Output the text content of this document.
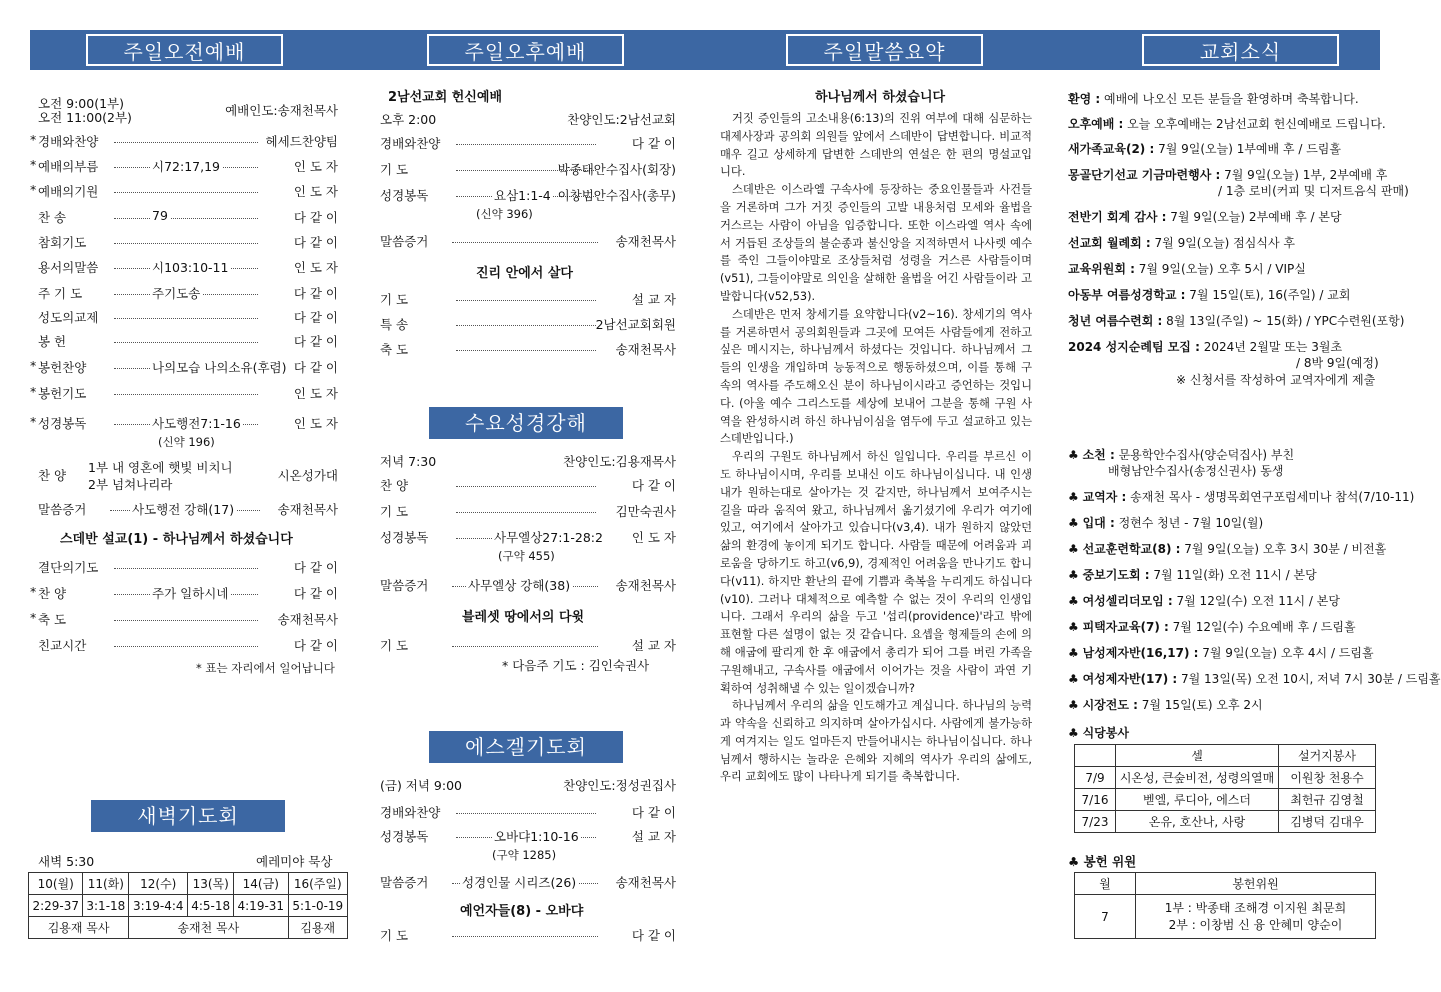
주일오전예배	주일오후예배	주일말씀요약	교회소식
오전 9:00(1부)
오전 11:00(2부)	예배인도:송재천목사
* 경배와찬양	헤세드찬양팀
* 예배의부름	시72:17,19	인 도 자
* 예배의기원	인 도 자
찬 송	79	다 같 이
참회기도	다 같 이
용서의말씀	시103:10-11	인 도 자
주 기 도	주기도송	다 같 이
성도의교제	다 같 이
봉 헌	다 같 이
* 봉헌찬양	나의모습 나의소유(후렴) 다 같 이
* 봉헌기도	인 도 자
* 성경봉독	사도행전7:1-16	인 도 자
(신약 196)
찬 양
1부 내 영혼에 햇빛 비치니
2부 넘쳐나리라
시온성가대
말씀증거	사도행전 강해(17)	송재천목사
스데반 설교(1) - 하나님께서 하셨습니다
결단의기도	다 같 이
* 찬 양	주가 일하시네	다 같 이
* 축 도	송재천목사
친교시간	다 같 이
* 표는 자리에서 일어납니다
새벽기도회
새벽 5:30	예레미야 묵상
10(월)	11(화)	12(수)	13(목)	14(금)	16(주일)
2:29-37	3:1-18	3:19-4:4	4:5-18	4:19-31	5:1-0-19
김용재 목사		송재천 목사			김용재
2남선교회 헌신예배
오후 2:00	찬양인도:2남선교회
경배와찬양	다 같 이
기 도	박종태안수집사(회장)
성경봉독	요삼1:1-4 이창범안수집사(총무)
(신약 396)
말씀증거	송재천목사
진리 안에서 살다
기 도	설 교 자
특 송	2남선교회회원
축 도	송재천목사
수요성경강해
저녁 7:30	찬양인도:김용재목사
찬 양	다 같 이
기 도	김만숙권사
성경봉독	사무엘상27:1-28:2 인 도 자
(구약 455)
말씀증거	사무엘상 강해(38)	송재천목사
블레셋 땅에서의 다윗
기 도	설 교 자
* 다음주 기도 : 김인숙권사
에스겔기도회
(금) 저녁 9:00	찬양인도:정성권집사
경배와찬양	다 같 이
성경봉독	오바댜1:10-16	설 교 자
(구약 1285)
말씀증거	성경인물 시리즈(26)	송재천목사
예언자들(8) - 오바댜
기 도	다 같 이
하나님께서 하셨습니다

거짓 증인들의 고소내용(6:13)의 진위 여부에 대해 심문하는 대제사장과 공의회 의원들 앞에서 스데반이 답변합니다. 비교적 매우 길고 상세하게 답변한 스데반의 연설은 한 편의 명설교입니다.

스데반은 이스라엘 구속사에 등장하는 중요인물들과 사건들을 거론하며 그가 거짓 증인들의 고발 내용처럼 모세와 율법을 거스르는 사람이 아님을 입증합니다. 또한 이스라엘 역사 속에서 거듭된 조상들의 불순종과 불신앙을 지적하면서 나사렛 예수를 죽인 그들이야말로 조상들처럼 성령을 거스른 사람들이며(v51), 그들이야말로 의인을 살해한 율법을 어긴 사람들이라 고발합니다(v52,53).

스데반은 먼저 창세기를 요약합니다(v2~16). 창세기의 역사를 거론하면서 공의회원들과 그곳에 모여든 사람들에게 전하고 싶은 메시지는, 하나님께서 하셨다는 것입니다. 하나님께서 그들의 인생을 개입하며 능동적으로 행동하셨으며, 이를 통해 구속의 역사를 주도해오신 분이 하나님이시라고 증언하는 것입니다. (아울 예수 그리스도를 세상에 보내어 그분을 통해 구원 사역을 완성하시려 하신 하나님이심을 염두에 두고 설교하고 있는 스데반입니다.)

우리의 구원도 하나님께서 하신 일입니다. 우리를 부르신 이도 하나님이시며, 우리를 보내신 이도 하나님이십니다. 내 인생 내가 원하는대로 살아가는 것 같지만, 하나님께서 보여주시는 길을 따라 움직여 왔고, 하나님께서 옮기셨기에 우리가 여기에 있고, 여기에서 살아가고 있습니다(v3,4). 내가 원하지 않았던 삶의 환경에 놓이게 되기도 합니다. 사람들 때문에 어려움과 괴로움을 당하기도 하고(v6,9), 경제적인 어려움을 만나기도 합니다(v11). 하지만 환난의 끝에 기쁨과 축복을 누리게도 하십니다(v10). 그러나 대체적으로 예측할 수 없는 것이 우리의 인생입니다. 그래서 우리의 삶을 두고 '섭리(providence)'라고 밖에 표현할 다른 설명이 없는 것 같습니다. 요셉을 형제들의 손에 의해 애굽에 팔리게 한 후 애굽에서 총리가 되어 그를 버린 가족을 구원해내고, 구속사를 애굽에서 이어가는 것을 사람이 과연 기획하여 성취해낼 수 있는 일이겠습니까?

하나님께서 우리의 삶을 인도해가고 계십니다. 하나님의 능력과 약속을 신뢰하고 의지하며 살아가십시다. 사람에게 불가능하게 여겨지는 일도 얼마든지 만들어내시는 하나님이십니다. 하나님께서 행하시는 놀라운 은혜와 지혜의 역사가 우리의 삶에도, 우리 교회에도 많이 나타나게 되기를 축복합니다.

환영 : 예배에 나오신 모든 분들을 환영하며 축복합니다.
오후예배 : 오늘 오후예배는 2남선교회 헌신예배로 드립니다.
새가족교육(2) : 7월 9일(오늘) 1부예배 후 / 드림홀
몽골단기선교 기금마련행사 : 7월 9일(오늘) 1부, 2부예배 후
/ 1층 로비(커피 및 디저트음식 판매)
전반기 회계 감사 : 7월 9일(오늘) 2부예배 후 / 본당
선교회 월례회 : 7월 9일(오늘) 점심식사 후
교육위원회 : 7월 9일(오늘) 오후 5시 / VIP실
아동부 여름성경학교 : 7월 15일(토), 16(주일) / 교회
청년 여름수련회 : 8월 13일(주일) ~ 15(화) / YPC수련원(포항)
2024 성지순례팀 모집 : 2024년 2월말 또는 3월초
/ 8박 9일(예정)
※ 신청서를 작성하여 교역자에게 제출
♣ 소천 : 문용학안수집사(양순덕집사) 부친
배형남안수집사(송정신권사) 동생
♣ 교역자 : 송재천 목사 - 생명목회연구포럼세미나 참석(7/10-11)
♣ 입대 : 정현수 청년 - 7월 10일(월)
♣ 선교훈련학교(8) : 7월 9일(오늘) 오후 3시 30분 / 비전홀
♣ 중보기도회 : 7월 11일(화) 오전 11시 / 본당
♣ 여성셀리더모임 : 7월 12일(수) 오전 11시 / 본당
♣ 피택자교육(7) : 7월 12일(수) 수요예배 후 / 드림홀
♣ 남성제자반(16,17) : 7월 9일(오늘) 오후 4시 / 드림홀
♣ 여성제자반(17) : 7월 13일(목) 오전 10시, 저녁 7시 30분 / 드림홀
♣ 시장전도 : 7월 15일(토) 오후 2시
♣ 식당봉사
	셀	설거지봉사
7/9	시온성, 큰숲비전, 성령의열매	이원창 천용수
7/16	벧엘, 루디아, 에스더	최헌규 김영철
7/23	온유, 호산나, 사랑	김병덕 김대우
♣ 봉헌 위원
월	봉헌위원
7	1부 : 박종태 조해경 이지원 최문희
2부 : 이창범 신 융 안혜미 양순이
